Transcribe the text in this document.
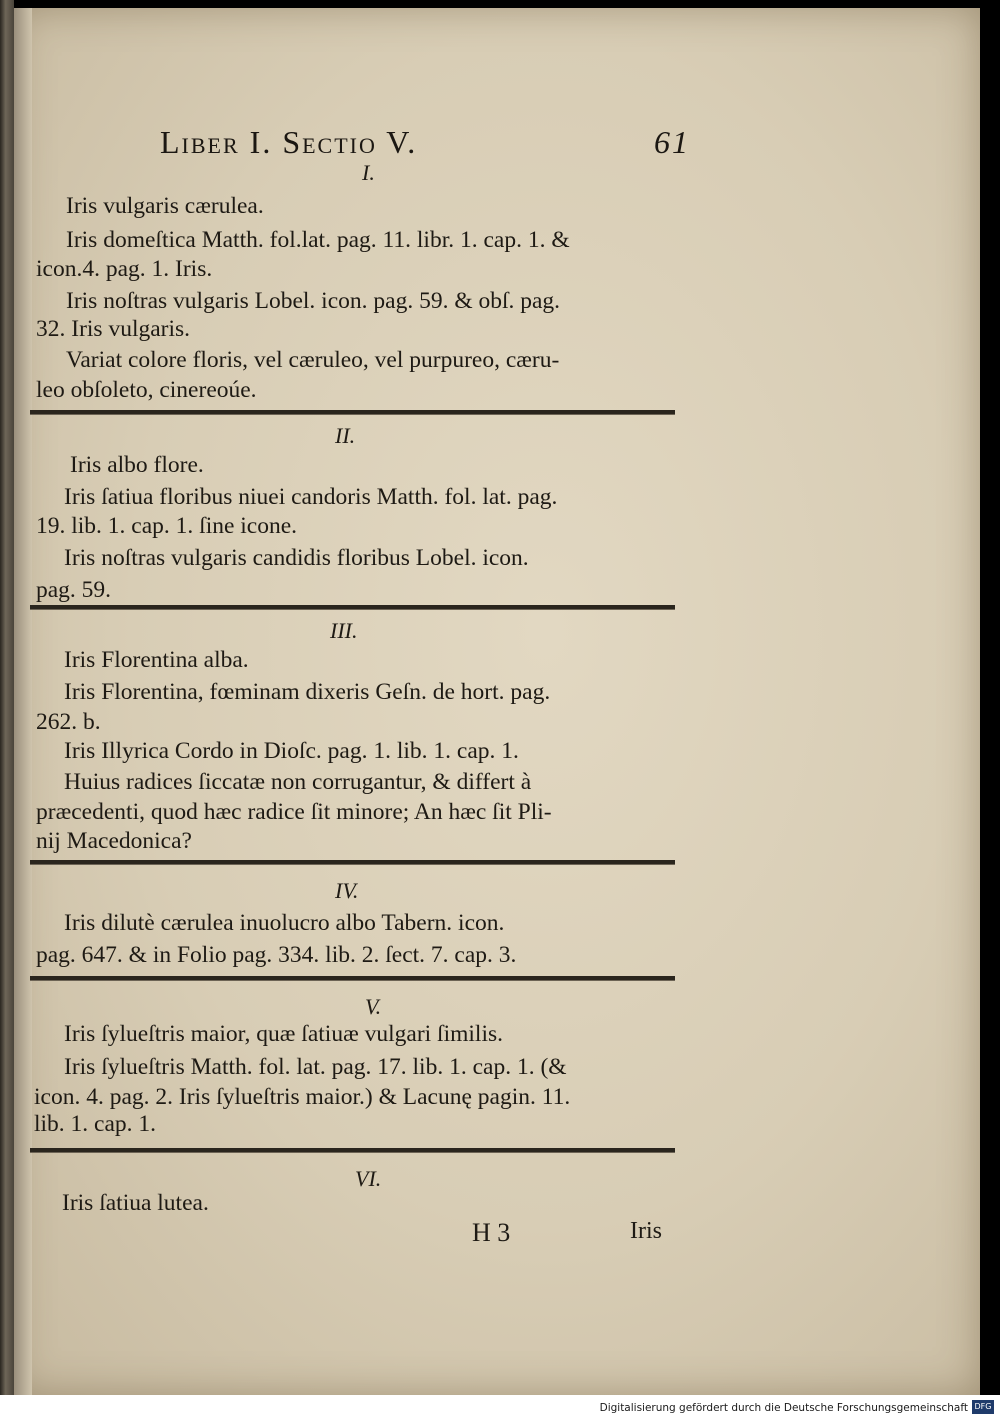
Liber I. Sectio V.	61
I.
Iris vulgaris cærulea.
Iris domeſtica Matth. fol.lat. pag. 11. libr. 1. cap. 1. &
icon.4. pag. 1. Iris.
Iris noſtras vulgaris Lobel. icon. pag. 59. & obſ. pag.
32. Iris vulgaris.
Variat colore floris, vel cæruleo, vel purpureo, cæru-
leo obſoleto, cinereoúe.
II.
Iris albo flore.
Iris ſatiua floribus niuei candoris Matth. fol. lat. pag.
19. lib. 1. cap. 1. ſine icone.
Iris noſtras vulgaris candidis floribus Lobel. icon.
pag. 59.
III.
Iris Florentina alba.
Iris Florentina, fœminam dixeris Geſn. de hort. pag.
262. b.
Iris Illyrica Cordo in Dioſc. pag. 1. lib. 1. cap. 1.
Huius radices ſiccatæ non corrugantur, & differt à
præcedenti, quod hæc radice ſit minore; An hæc ſit Pli-
nij Macedonica?
IV.
Iris dilutè cærulea inuolucro albo Tabern. icon.
pag. 647. & in Folio pag. 334. lib. 2. ſect. 7. cap. 3.
V.
Iris ſylueſtris maior, quæ ſatiuæ vulgari ſimilis.
Iris ſylueſtris Matth. fol. lat. pag. 17. lib. 1. cap. 1. (&
icon. 4. pag. 2. Iris ſylueſtris maior.) & Lacunę pagin. 11.
lib. 1. cap. 1.
VI.
Iris ſatiua lutea.
H 3	Iris
Digitalisierung gefördert durch die Deutsche Forschungsgemeinschaft DFG
